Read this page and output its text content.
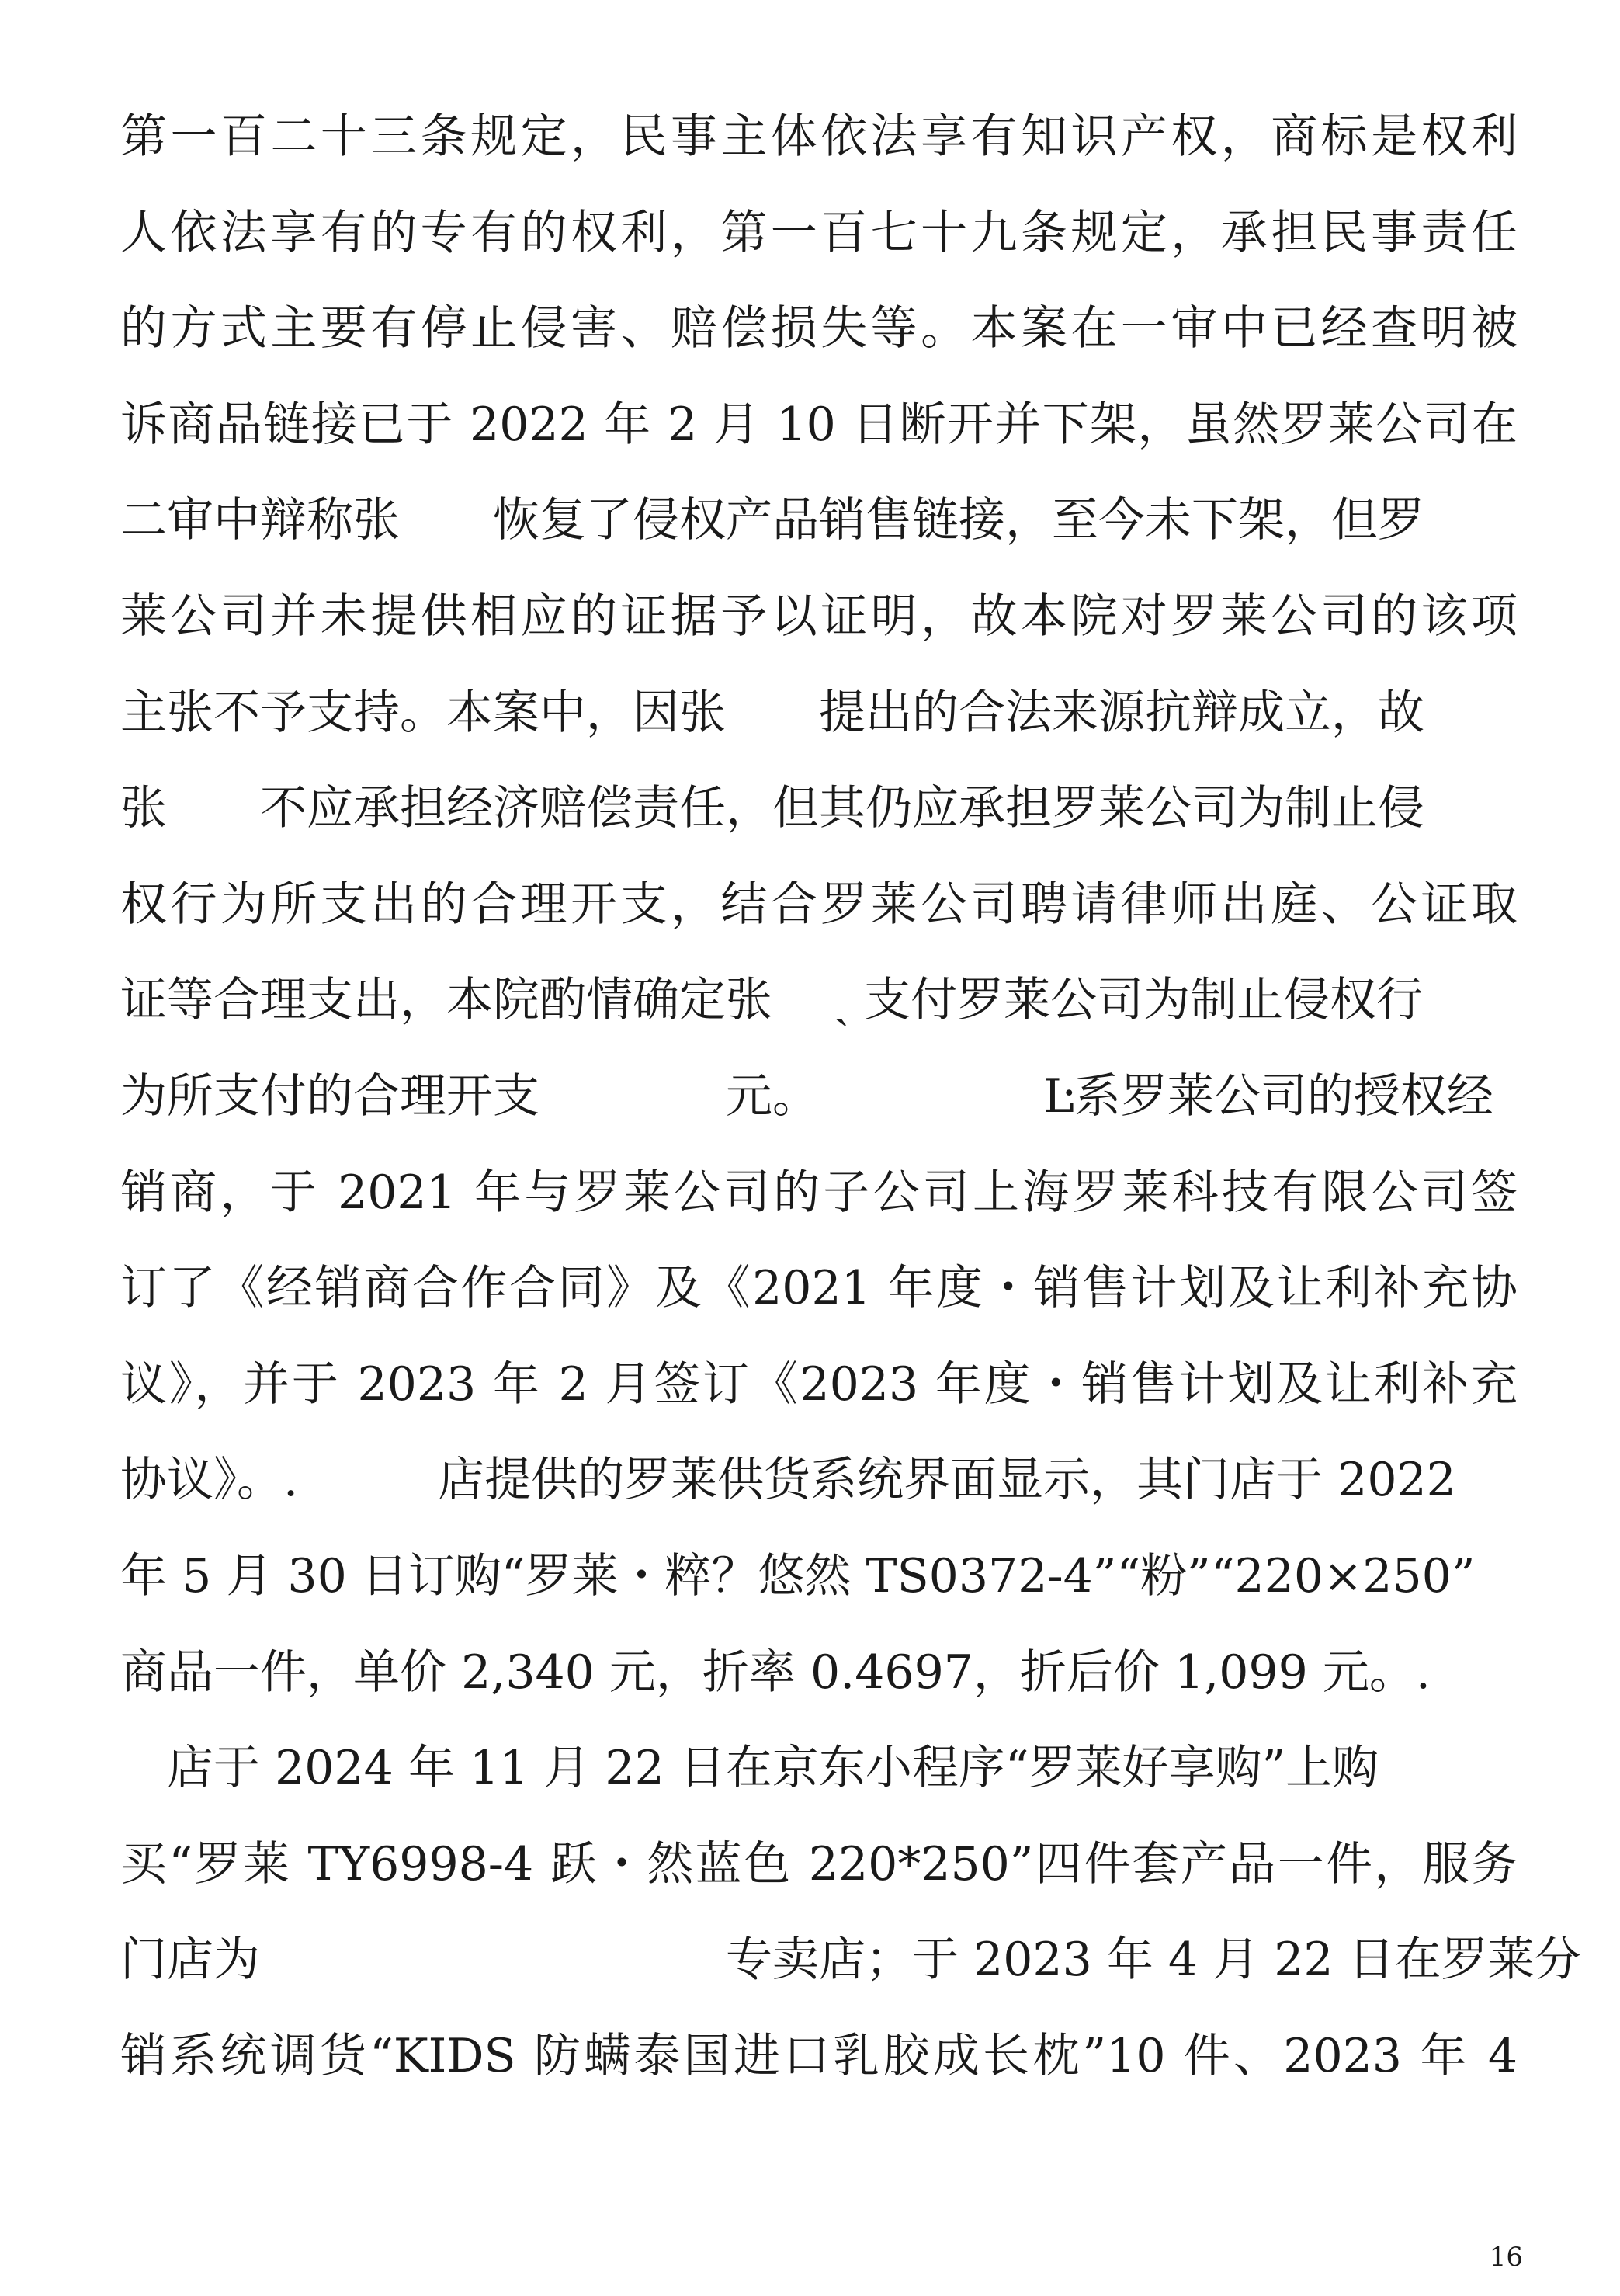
第一百二十三条规定，民事主体依法享有知识产权，商标是权利
人依法享有的专有的权利，第一百七十九条规定，承担民事责任
的方式主要有停止侵害、赔偿损失等。本案在一审中已经查明被
诉商品链接已于 2022 年 2 月 10 日断开并下架，虽然罗莱公司在
二审中辩称张　　恢复了侵权产品销售链接，至今未下架，但罗
莱公司并未提供相应的证据予以证明，故本院对罗莱公司的该项
主张不予支持。本案中，因张　　提出的合法来源抗辩成立，故
张　　不应承担经济赔偿责任，但其仍应承担罗莱公司为制止侵
权行为所支出的合理开支，结合罗莱公司聘请律师出庭、公证取
证等合理支出，本院酌情确定张　 ˎ 支付罗莱公司为制止侵权行
为所支付的合理开支　　　　元。　　　　　 Ŀ系罗莱公司的授权经
销商，于 2021 年与罗莱公司的子公司上海罗莱科技有限公司签
订了《经销商合作合同》及《2021 年度・销售计划及让利补充协
议》，并于 2023 年 2 月签订《2023 年度・销售计划及让利补充
协议》。.　　　店提供的罗莱供货系统界面显示，其门店于 2022
年 5 月 30 日订购“罗莱・粹？悠然 TS0372-4”“粉”“220×250”
商品一件，单价 2,340 元，折率 0.4697，折后价 1,099 元。.
　店于 2024 年 11 月 22 日在京东小程序“罗莱好享购”上购
买“罗莱 TY6998-4 跃・然蓝色 220*250”四件套产品一件，服务
门店为　　　　　　　　　　专卖店；于 2023 年 4 月 22 日在罗莱分
销系统调货“KIDS 防螨泰国进口乳胶成长枕”10 件、2023 年 4
16
